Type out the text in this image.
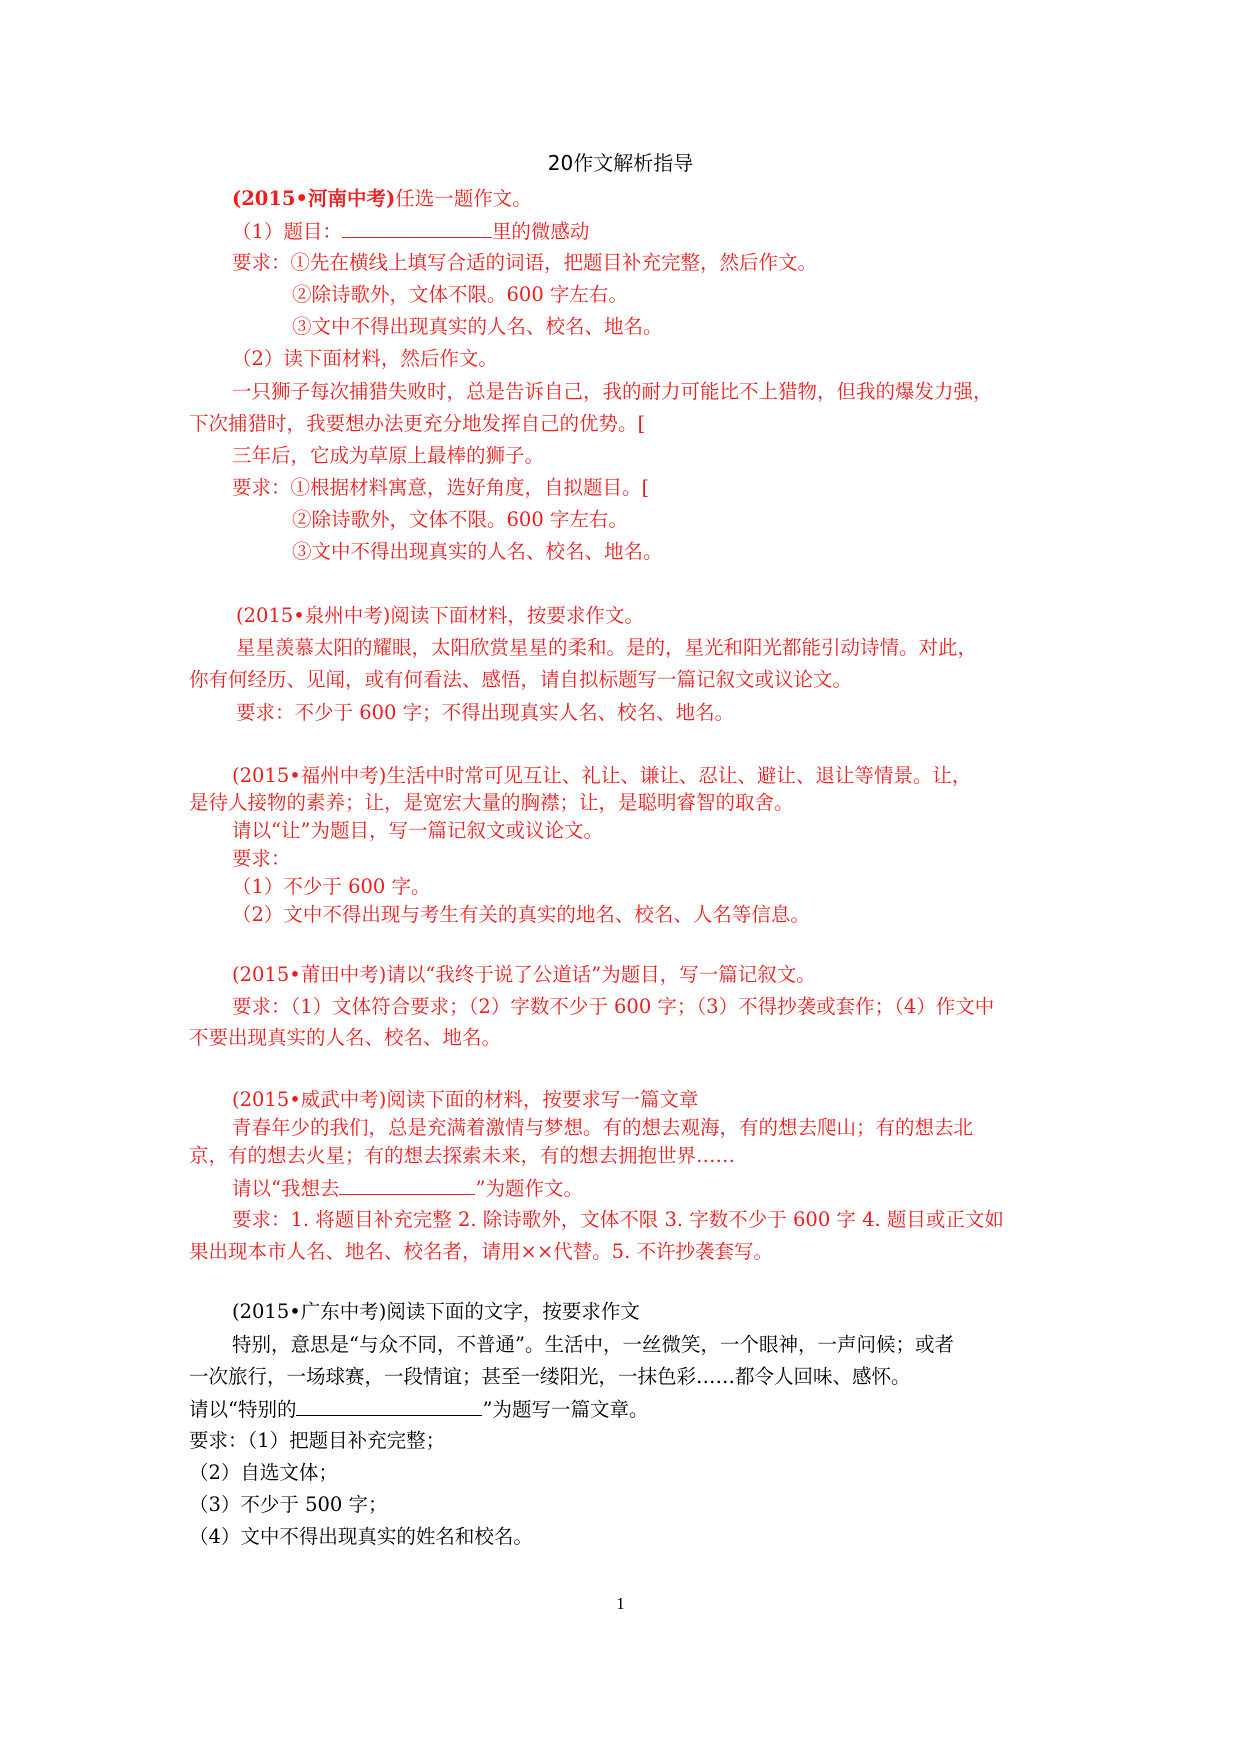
20作文解析指导
(2015•河南中考)任选一题作文。
（1）题目：	里的微感动
要求：①先在横线上填写合适的词语，把题目补充完整，然后作文。
②除诗歌外，文体不限。600 字左右。
③文中不得出现真实的人名、校名、地名。
（2）读下面材料，然后作文。
一只狮子每次捕猎失败时，总是告诉自己，我的耐力可能比不上猎物，但我的爆发力强，
下次捕猎时，我要想办法更充分地发挥自己的优势。[
三年后，它成为草原上最棒的狮子。
要求：①根据材料寓意，选好角度，自拟题目。[
②除诗歌外，文体不限。600 字左右。
③文中不得出现真实的人名、校名、地名。
(2015•泉州中考)阅读下面材料，按要求作文。
星星羡慕太阳的耀眼，太阳欣赏星星的柔和。是的，星光和阳光都能引动诗情。对此，
你有何经历、见闻，或有何看法、感悟，请自拟标题写一篇记叙文或议论文。
要求：不少于 600 字；不得出现真实人名、校名、地名。
(2015•福州中考)生活中时常可见互让、礼让、谦让、忍让、避让、退让等情景。让，
是待人接物的素养；让，是宽宏大量的胸襟；让，是聪明睿智的取舍。
请以“让”为题目，写一篇记叙文或议论文。
要求：
（1）不少于 600 字。
（2）文中不得出现与考生有关的真实的地名、校名、人名等信息。
(2015•莆田中考)请以“我终于说了公道话”为题目，写一篇记叙文。
要求：（1）文体符合要求；（2）字数不少于 600 字；（3）不得抄袭或套作；（4）作文中
不要出现真实的人名、校名、地名。
(2015•威武中考)阅读下面的材料，按要求写一篇文章
青春年少的我们，总是充满着激情与梦想。有的想去观海，有的想去爬山；有的想去北
京，有的想去火星；有的想去探索未来，有的想去拥抱世界……
请以“我想去	”为题作文。
要求：1. 将题目补充完整 2. 除诗歌外，文体不限 3. 字数不少于 600 字 4. 题目或正文如
果出现本市人名、地名、校名者，请用××代替。5. 不许抄袭套写。
(2015•广东中考)阅读下面的文字，按要求作文
特别，意思是“与众不同，不普通”。生活中，一丝微笑，一个眼神，一声问候；或者
一次旅行，一场球赛，一段情谊；甚至一缕阳光，一抹色彩……都令人回味、感怀。
请以“特别的	”为题写一篇文章。
要求：（1）把题目补充完整；
（2）自选文体；
（3）不少于 500 字；
（4）文中不得出现真实的姓名和校名。
1
